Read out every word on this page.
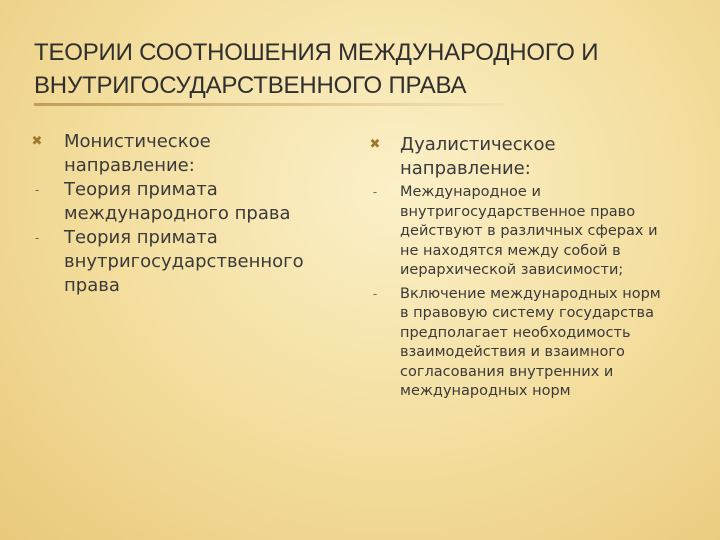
ТЕОРИИ СООТНОШЕНИЯ МЕЖДУНАРОДНОГО И
ВНУТРИГОСУДАРСТВЕННОГО ПРАВА
✖ Монистическое
направление:
- Теория примата
международного права
- Теория примата
внутригосударственного
права
✖ Дуалистическое
направление:
-	Международное и
внутригосударственное право
действуют в различных сферах и
не находятся между собой в
иерархической зависимости;
-	Включение международных норм
в правовую систему государства
предполагает необходимость
взаимодействия и взаимного
согласования внутренних и
международных норм
